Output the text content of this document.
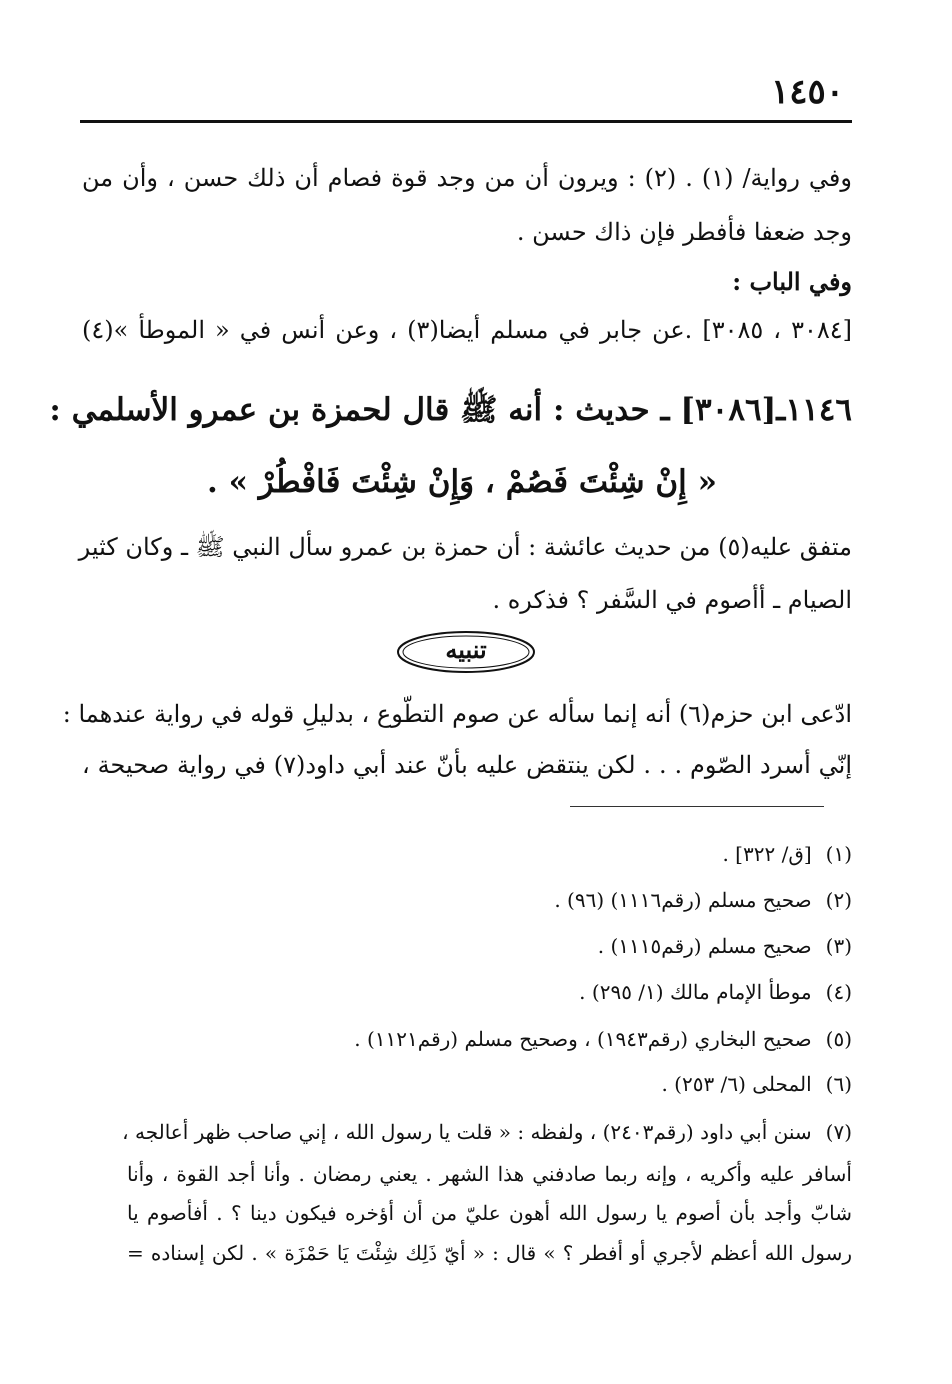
١٤٥٠
وفي رواية/ (١) . (٢) : ويرون أن من وجد قوة فصام أن ذلك حسن ، وأن من
وجد ضعفا فأفطر فإن ذاك حسن .
وفي الباب :
[٣٠٨٤ ، ٣٠٨٥] .عن جابر في مسلم أيضا(٣) ، وعن أنس في « الموطأ »(٤)
١١٤٦ـ[٣٠٨٦] ـ حديث : أنه ﷺ قال لحمزة بن عمرو الأسلمي :
« إِنْ شِئْتَ فَصُمْ ، وَإِنْ شِئْتَ فَافْطُرْ » .
متفق عليه(٥) من حديث عائشة : أن حمزة بن عمرو سأل النبي ﷺ ـ وكان كثير
الصيام ـ أأصوم في السَّفر ؟ فذكره .
تنبيه
ادّعى ابن حزم(٦) أنه إنما سأله عن صوم التطّوع ، بدليلِ قوله في رواية عندهما :
إنّي أسرد الصّوم . . . لكن ينتقض عليه بأنّ عند أبي داود(٧) في رواية صحيحة ،
(١) [ق/ ٣٢٢] .
(٢) صحيح مسلم (رقم١١١٦) (٩٦) .
(٣) صحيح مسلم (رقم١١١٥) .
(٤) موطأ الإمام مالك (١/ ٢٩٥) .
(٥) صحيح البخاري (رقم١٩٤٣) ، وصحيح مسلم (رقم١١٢١) .
(٦) المحلى (٦/ ٢٥٣) .
(٧) سنن أبي داود (رقم٢٤٠٣) ، ولفظه : « قلت يا رسول الله ، إني صاحب ظهر أعالجه ،
أسافر عليه وأكريه ، وإنه ربما صادفني هذا الشهر . يعني رمضان . وأنا أجد القوة ، وأنا
شابّ وأجد بأن أصوم يا رسول الله أهون عليّ من أن أؤخره فيكون دينا ؟ . أفأصوم يا
رسول الله أعظم لأجري أو أفطر ؟ » قال : « أيّ ذَلِك شِئْتَ يَا حَمْزَة » . لكن إسناده =
